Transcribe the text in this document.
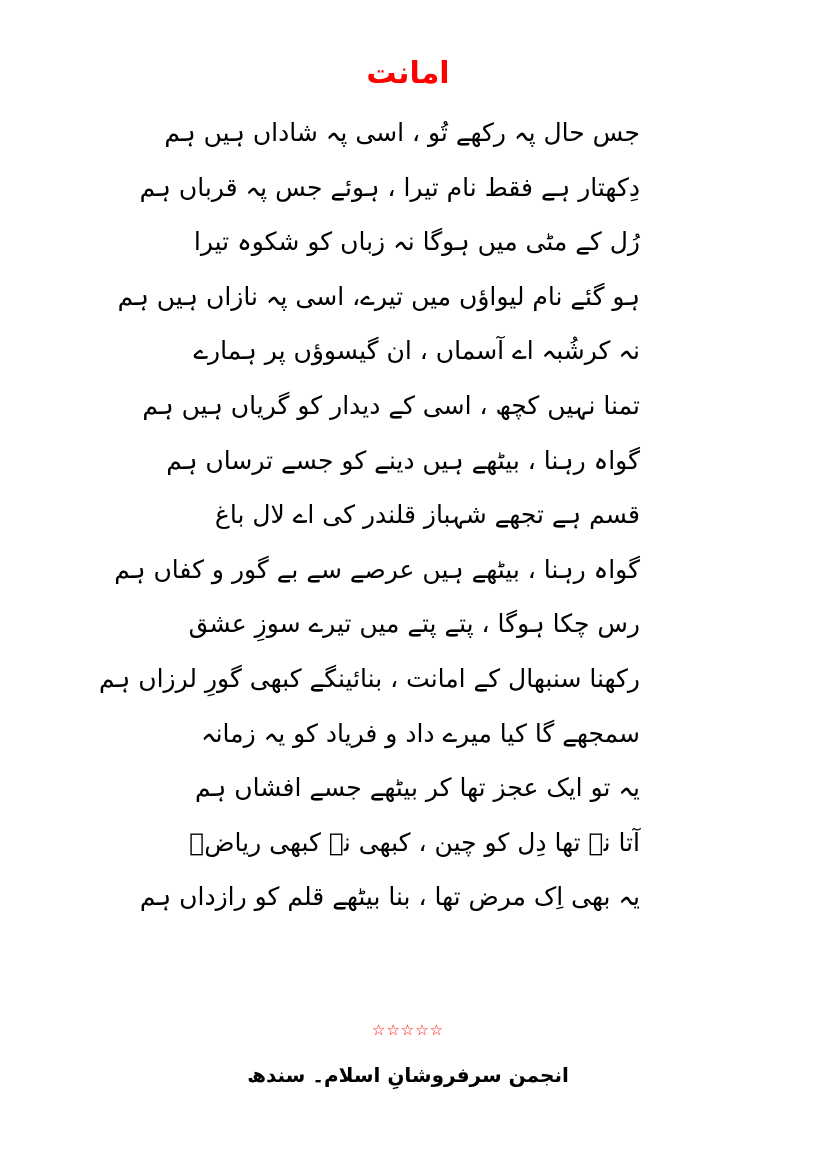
امانت
جس حال پہ رکھے تُو ، اسی پہ شاداں ہیں ہم
دِکھتار ہے فقط نام تیرا ، ہوئے جس پہ قرباں ہم
رُل کے مٹی میں ہوگا نہ زباں کو شکوہ تیرا
ہو گئے نام لیواؤں میں تیرے، اسی پہ نازاں ہیں ہم
نہ کرشُبہ اے آسماں ، ان گیسوؤں پر ہمارے
تمنا نہیں کچھ ، اسی کے دیدار کو گریاں ہیں ہم
گواہ رہنا ، بیٹھے ہیں دینے کو جسے ترساں ہم
قسم ہے تجھے شہباز قلندر کی اے لال باغ
گواہ رہنا ، بیٹھے ہیں عرصے سے بے گور و کفاں ہم
رس چکا ہوگا ، پتے پتے میں تیرے سوزِ عشق
رکھنا سنبھال کے امانت ، بنائینگے کبھی گورِ لرزاں ہم
سمجھے گا کیا میرے داد و فریاد کو یہ زمانہ
یہ تو ایک عجز تھا کر بیٹھے جسے افشاں ہم
آتا نہ تھا دِل کو چین ، کبھی نہ کبھی ریاضؔ
یہ بھی اِک مرض تھا ، بنا بیٹھے قلم کو رازداں ہم
☆☆☆☆☆
انجمن سرفروشانِ اسلام۔ سندھ
